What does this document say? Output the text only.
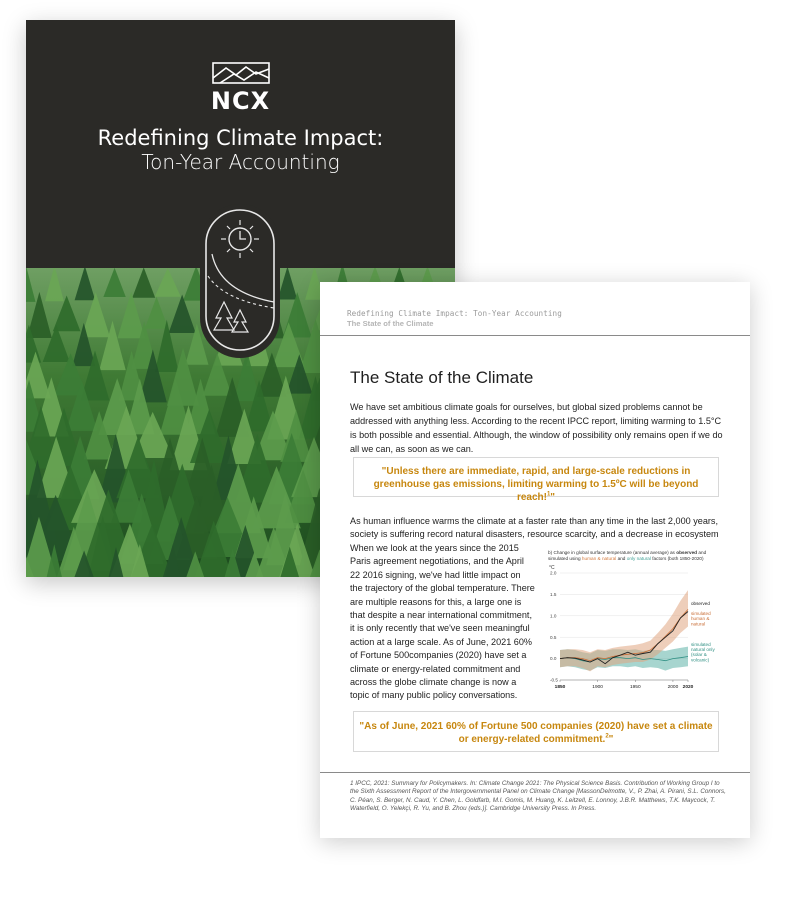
NCX
Redefining Climate Impact:
Ton-Year Accounting
Redefining Climate Impact: Ton-Year Accounting
The State of the Climate
The State of the Climate

We have set ambitious climate goals for ourselves, but global sized problems cannot be addressed with anything less. According to the recent IPCC report, limiting warming to 1.5°C is both possible and essential. Although, the window of possibility only remains open if we do all we can, as soon as we can.

"Unless there are immediate, rapid, and large-scale reductions in greenhouse gas emissions, limiting warming to 1.5ºC will be beyond reach!$^1$"

As human influence warms the climate at a faster rate than any time in the last 2,000 years, society is suffering record natural disasters, resource scarcity, and a decrease in ecosystem

When we look at the years since the 2015 Paris agreement negotiations, and the April 22 2016 signing, we've had little impact on the trajectory of the global temperature. There are multiple reasons for this, a large one is that despite a near international commitment, it is only recently that we've seen meaningful action at a large scale. As of June, 2021 60% of Fortune 500companies (2020) have set a climate or energy-related commitment and across the globe climate change is now a topic of many public policy conversations.

b) Change in global surface temperature (annual average) as observed and
simulated using human & natural and only natural factors (both 1850-2020)
°C
2.0
1.5
1.0
0.5
0.0
-0.5
1850	1900	1950	2000 2020
observed
simulated
human &
natural
simulated
natural only
(solar &
volcanic)
"As of June, 2021 60% of Fortune 500 companies (2020) have set a climate or energy-related commitment.$^2$"

1 IPCC, 2021: Summary for Policymakers. In: Climate Change 2021: The Physical Science Basis. Contribution of Working Group I to the Sixth Assessment Report of the Intergovernmental Panel on Climate Change [MassonDelmotte, V., P. Zhai, A. Pirani, S.L. Connors, C. Péan, S. Berger, N. Caud, Y. Chen, L. Goldfarb, M.I. Gomis, M. Huang, K. Leitzell, E. Lonnoy, J.B.R. Matthews, T.K. Maycock, T. Waterfield, O. Yelekçi, R. Yu, and B. Zhou (eds.)]. Cambridge University Press. In Press.
